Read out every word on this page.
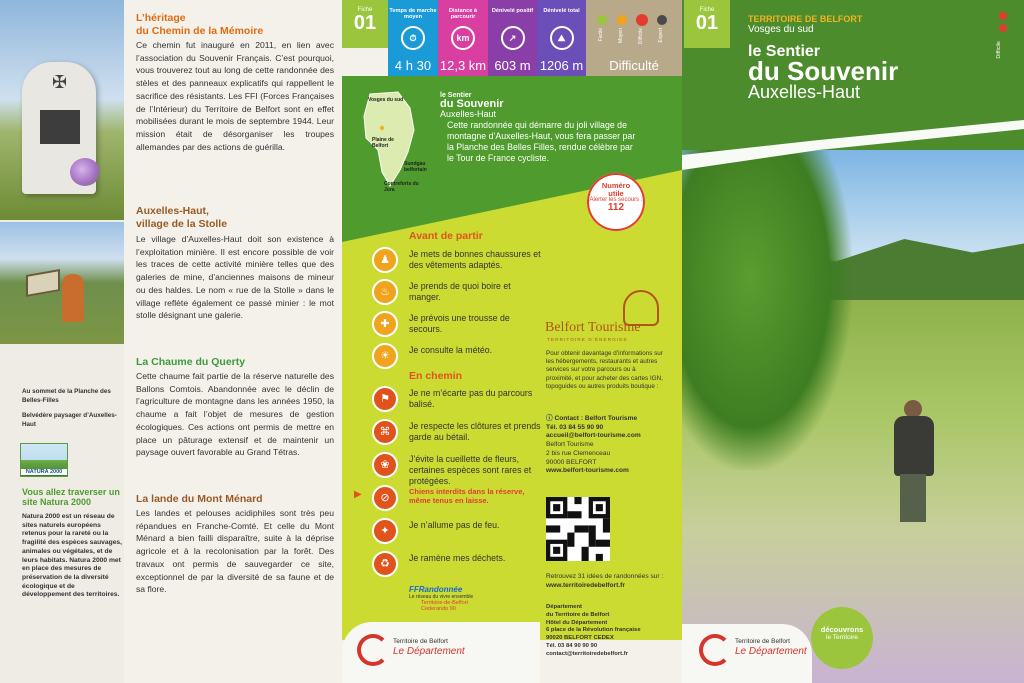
✠
Au sommet de la Planche des Belles-Filles
Belvédère paysager d’Auxelles-Haut
NATURA 2000
Vous allez traverser un site Natura 2000
Natura 2000 est un réseau de sites naturels européens retenus pour la rareté ou la fragilité des espèces sauvages, animales ou végétales, et de leurs habitats. Natura 2000 met en place des mesures de préservation de la diversité écologique et de développement des territoires.
L’héritage
du Chemin de la Mémoire
Ce chemin fut inauguré en 2011, en lien avec l’association du Souvenir Français. C’est pourquoi, vous trouverez tout au long de cette randonnée des stèles et des panneaux explicatifs qui rappellent le sacrifice des résistants. Les FFI (Forces Françaises de l’Intérieur) du Territoire de Belfort sont en effet mobilisées durant le mois de septembre 1944. Leur mission était de désorganiser les troupes allemandes par des actions de guérilla.
Auxelles-Haut,
village de la Stolle
Le village d’Auxelles-Haut doit son existence à l’exploitation minière. Il est encore possible de voir les traces de cette activité minière telles que des galeries de mine, d’anciennes maisons de mineur ou des haldes. Le nom « rue de la Stolle » dans le village reflète également ce passé minier : le mot stolle désignant une galerie.
La Chaume du Querty
Cette chaume fait partie de la réserve naturelle des Ballons Comtois. Abandonnée avec le déclin de l’agriculture de montagne dans les années 1950, la chaume a fait l’objet de mesures de gestion écologiques. Ces actions ont permis de mettre en place un pâturage extensif et de maintenir un paysage ouvert favorable au Grand Tétras.
La lande du Mont Ménard
Les landes et pelouses acidiphiles sont très peu répandues en Franche-Comté. Et celle du Mont Ménard a bien failli disparaître, suite à la déprise agricole et à la recolonisation par la forêt. Des travaux ont permis de sauvegarder ce site, exceptionnel de par la diversité de sa faune et de sa flore.
Fiche
01
Temps de marche moyen
⏱
4 h 30
Distance à parcourir
km
12,3 km
Dénivelé positif
↗
603 m
Dénivelé total
⛰
1206 m
Facile	Moyen	Difficile	Expert
Difficulté
Vosges du sud
Plaine de Belfort
Sundgau belfortain
Contreforts du Jura
le Sentier
du Souvenir
Auxelles-Haut
Cette randonnée qui démarre du joli village de montagne d’Auxelles-Haut, vous fera passer par la Planche des Belles Filles, rendue célèbre par le Tour de France cycliste.
Numéro
utile
Alerter les secours :
112
Avant de partir
♟	Je mets de bonnes chaussures et des vêtements adaptés.
♨	Je prends de quoi boire et manger.
✚	Je prévois une trousse de secours.
☀	Je consulte la météo.
En chemin
⚑	Je ne m’écarte pas du parcours balisé.
⌘	Je respecte les clôtures et prends garde au bétail.
❀	J’évite la cueillette de fleurs, certaines espèces sont rares et protégées.
⊘	Chiens interdits dans la réserve, même tenus en laisse.
✦	Je n’allume pas de feu.
♻	Je ramène mes déchets.
▶
FFRandonnée
Le réseau du vivre ensemble
Territoire-de-Belfort Cederando 90
Belfort Tourisme
TERRITOIRE D’ÉNERGIES
Pour obtenir davantage d’informations sur les hébergements, restaurants et autres services sur votre parcours ou à proximité, et pour acheter des cartes IGN, topoguides ou autres produits boutique :
ⓘ Contact : Belfort Tourisme
Tél. 03 84 55 90 90
accueil@belfort-tourisme.com
Belfort Tourisme
2 bis rue Clemenceau
90000 BELFORT
www.belfort-tourisme.com
Retrouvez 31 idées de randonnées sur :
www.territoiredebelfort.fr
Département
du Territoire de Belfort
Hôtel du Département
6 place de la Révolution française
90020 BELFORT CEDEX
Tél. 03 84 90 90 90
contact@territoiredebelfort.fr
Territoire de Belfort
Le Département
Fiche
01	TERRITOIRE DE BELFORT
Vosges du sud
le Sentier
du Souvenir
Auxelles-Haut
Difficile
Territoire de Belfort
Le Département
découvrons
le Territoire
